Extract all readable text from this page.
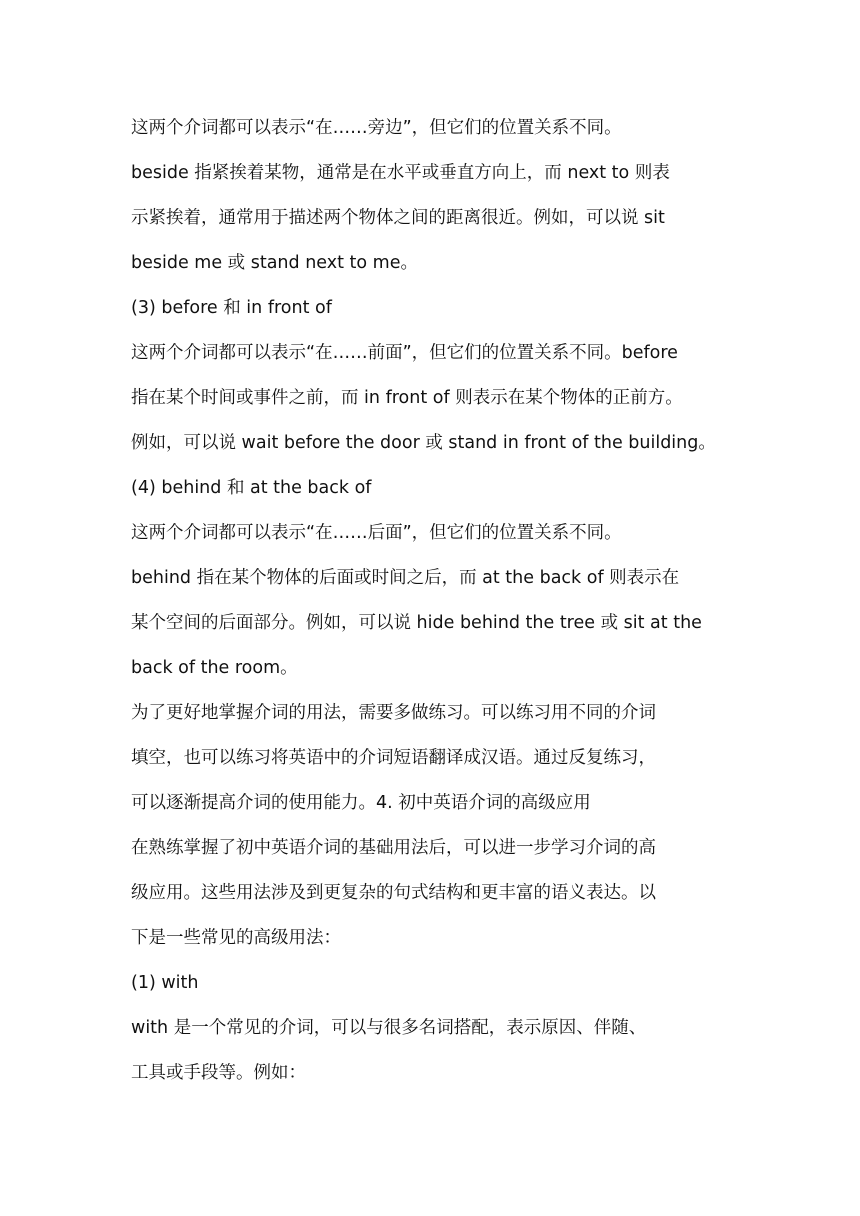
这两个介词都可以表示“在……旁边”，但它们的位置关系不同。
beside 指紧挨着某物，通常是在水平或垂直方向上，而 next to 则表
示紧挨着，通常用于描述两个物体之间的距离很近。例如，可以说 sit
beside me 或 stand next to me。
(3) before 和 in front of
这两个介词都可以表示“在……前面”，但它们的位置关系不同。before
指在某个时间或事件之前，而 in front of 则表示在某个物体的正前方。
例如，可以说 wait before the door 或 stand in front of the building。
(4) behind 和 at the back of
这两个介词都可以表示“在……后面”，但它们的位置关系不同。
behind 指在某个物体的后面或时间之后，而 at the back of 则表示在
某个空间的后面部分。例如，可以说 hide behind the tree 或 sit at the
back of the room。
为了更好地掌握介词的用法，需要多做练习。可以练习用不同的介词
填空，也可以练习将英语中的介词短语翻译成汉语。通过反复练习，
可以逐渐提高介词的使用能力。4. 初中英语介词的高级应用
在熟练掌握了初中英语介词的基础用法后，可以进一步学习介词的高
级应用。这些用法涉及到更复杂的句式结构和更丰富的语义表达。以
下是一些常见的高级用法：
(1) with
with 是一个常见的介词，可以与很多名词搭配，表示原因、伴随、
工具或手段等。例如：
